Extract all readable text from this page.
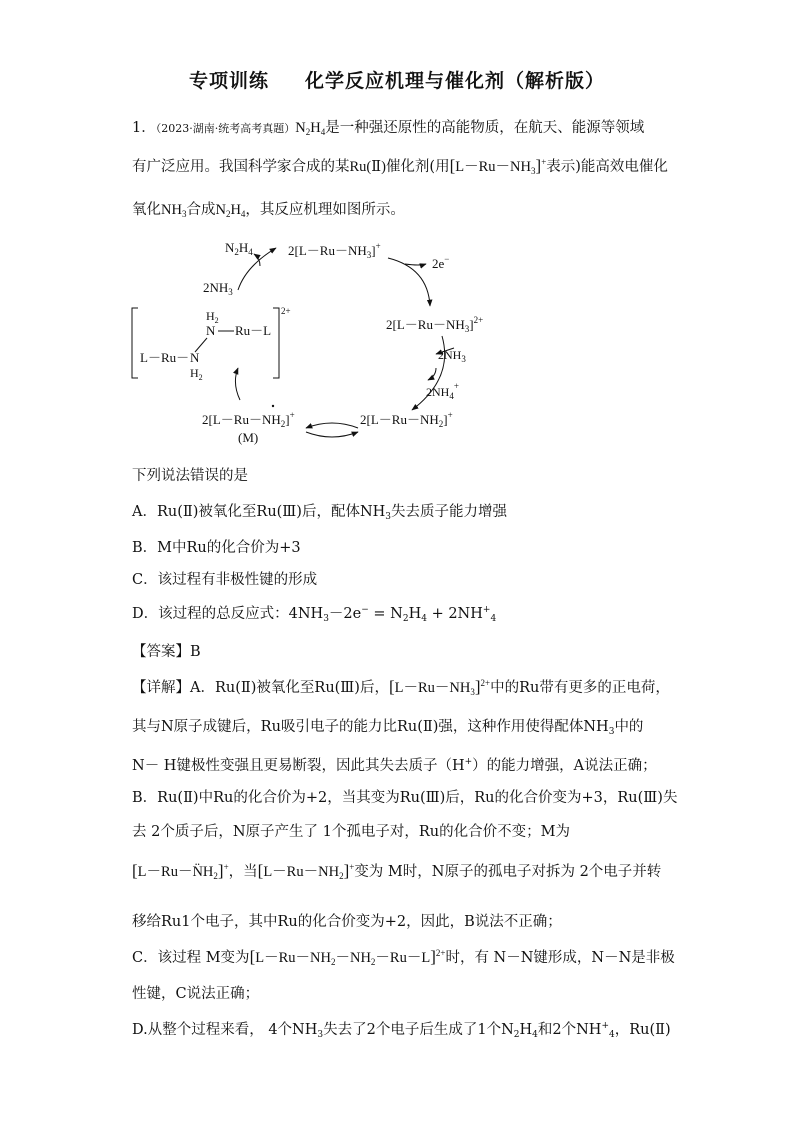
专项训练 化学反应机理与催化剂（解析版）
1．（2023·湖南·统考高考真题）$N_2H_4$是一种强还原性的高能物质，在航天、能源等领域
有广泛应用。我国科学家合成的某Ru(Ⅱ)催化剂(用$[L-Ru-NH_3]^+$表示)能高效电催化
氧化$NH_3$合成$N_2H_4$，其反应机理如图所示。
$N_2H_4$	$2[L-Ru-NH_3]^+$
2e−
$2NH_3$
$2[L-Ru-NH_3]^{2+}$
$2NH_3$
$2NH_4^+$
$2[L-Ru-NH_2]^+$
$2[L-Ru-NH_2]^+$
(M)
2+
$H_2$
N Ru－L
L－Ru－ N
$H_2$
下列说法错误的是
A．Ru(Ⅱ)被氧化至Ru(Ⅲ)后，配体$NH_3$失去质子能力增强
B．M中Ru的化合价为+3
C．该过程有非极性键的形成
D．该过程的总反应式：$4NH_3-2e^- = N_2H_4 + 2NH^+_4$
【答案】B
【详解】A．Ru(Ⅱ)被氧化至Ru(Ⅲ)后，$[L-Ru-NH_3]^{2+}$中的Ru带有更多的正电荷，
其与N原子成键后，Ru吸引电子的能力比Ru(Ⅱ)强，这种作用使得配体$NH_3$中的
N－ H键极性变强且更易断裂，因此其失去质子（H+）的能力增强，A说法正确；
B．Ru(Ⅱ)中Ru的化合价为+2，当其变为Ru(Ⅲ)后，Ru的化合价变为+3，Ru(Ⅲ)失
去 2个质子后，N原子产生了 1个孤电子对，Ru的化合价不变；M为
$[L-Ru-N̈H_2]^+$，当$[L-Ru-NH_2]^+$变为 M时，N原子的孤电子对拆为 2个电子并转
移给Ru1个电子，其中Ru的化合价变为+2，因此，B说法不正确；
C．该过程 M变为$[L-Ru-NH_2-NH_2-Ru-L]^{2+}$时，有 N－N键形成，N－N是非极
性键，C说法正确；
D.从整个过程来看， 4个$NH_3$失去了2个电子后生成了1个$N_2H_4$和2个$NH^+_4$，Ru(Ⅱ)
